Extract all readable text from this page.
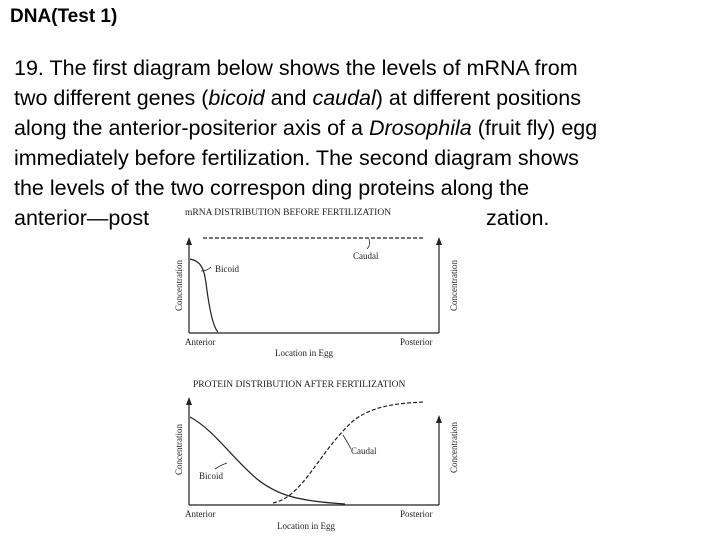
DNA(Test 1)

19. The first diagram below shows the levels of mRNA from
two different genes (bicoid and caudal) at different positions
along the anterior-positerior axis of a Drosophila (fruit fly) egg
immediately before fertilization. The second diagram shows
the levels of the two correspon ding proteins along the
anterior—post	zation.

mRNA DISTRIBUTION BEFORE FERTILIZATION
Concentration	Concentration
Caudal
Bicoid
Anterior	Posterior
Location in Egg
PROTEIN DISTRIBUTION AFTER FERTILIZATION
Concentration	Concentration
Caudal
Bicoid
Anterior	Posterior
Location in Egg
